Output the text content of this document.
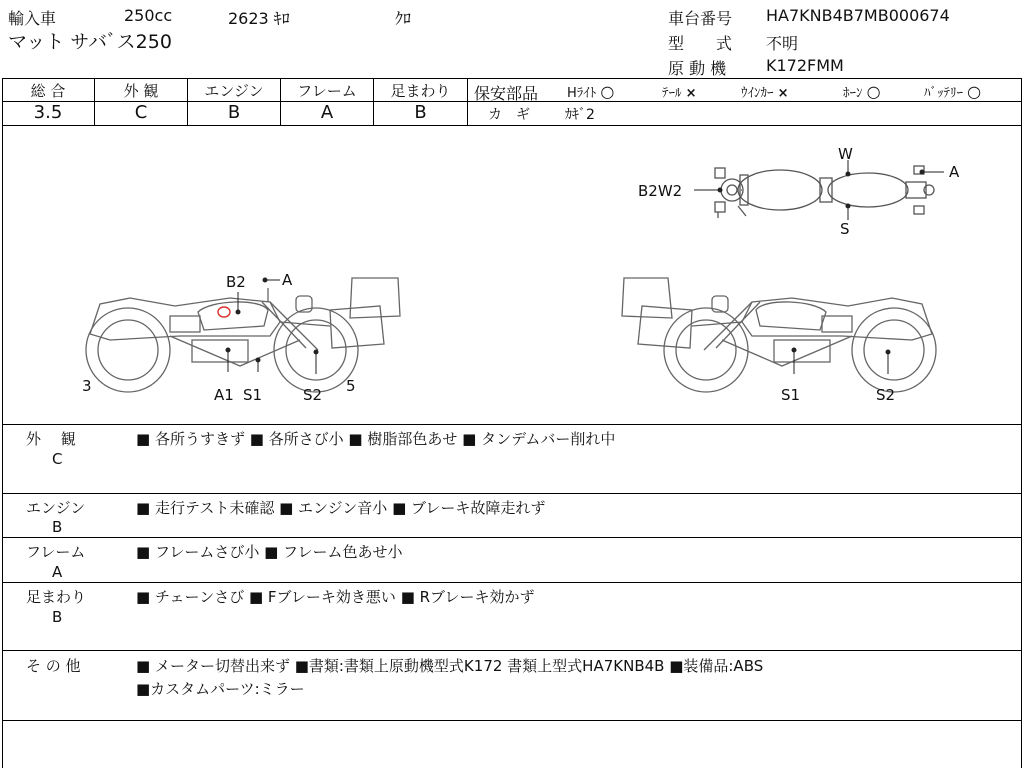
輸入車	250cc	2623 ｷﾛ	ｸﾛ
マット サバﾞス250
車台番号 HA7KNB4B7MB000674
型　　式 不明
原 動 機 K172FMM
総 合
3.5
外 観
C
エンジン
B
フレーム
A
足まわり
B
保安部品 Hﾗｲﾄ ○	ﾃｰﾙ ×	ｳｲﾝｶｰ ×	ﾎｰﾝ ○	ﾊﾞｯﾃﾘｰ ○
カ　ギ	ｶｷﾞ2
W
A
B2W2
S
B2 A
3	A1 S1	S2 5	S1	S2
外　 観
C
■ 各所うすきず ■ 各所さび小 ■ 樹脂部色あせ ■ タンデムバー削れ中
エンジン
B
■ 走行テスト未確認 ■ エンジン音小 ■ ブレーキ故障走れず
フレーム
A
■ フレームさび小 ■ フレーム色あせ小
足まわり
B
■ チェーンさび ■ Fブレーキ効き悪い ■ Rブレーキ効かず
そ の 他	■ メーター切替出来ず ■書類:書類上原動機型式K172 書類上型式HA7KNB4B ■装備品:ABS
■カスタムパーツ:ミラー
